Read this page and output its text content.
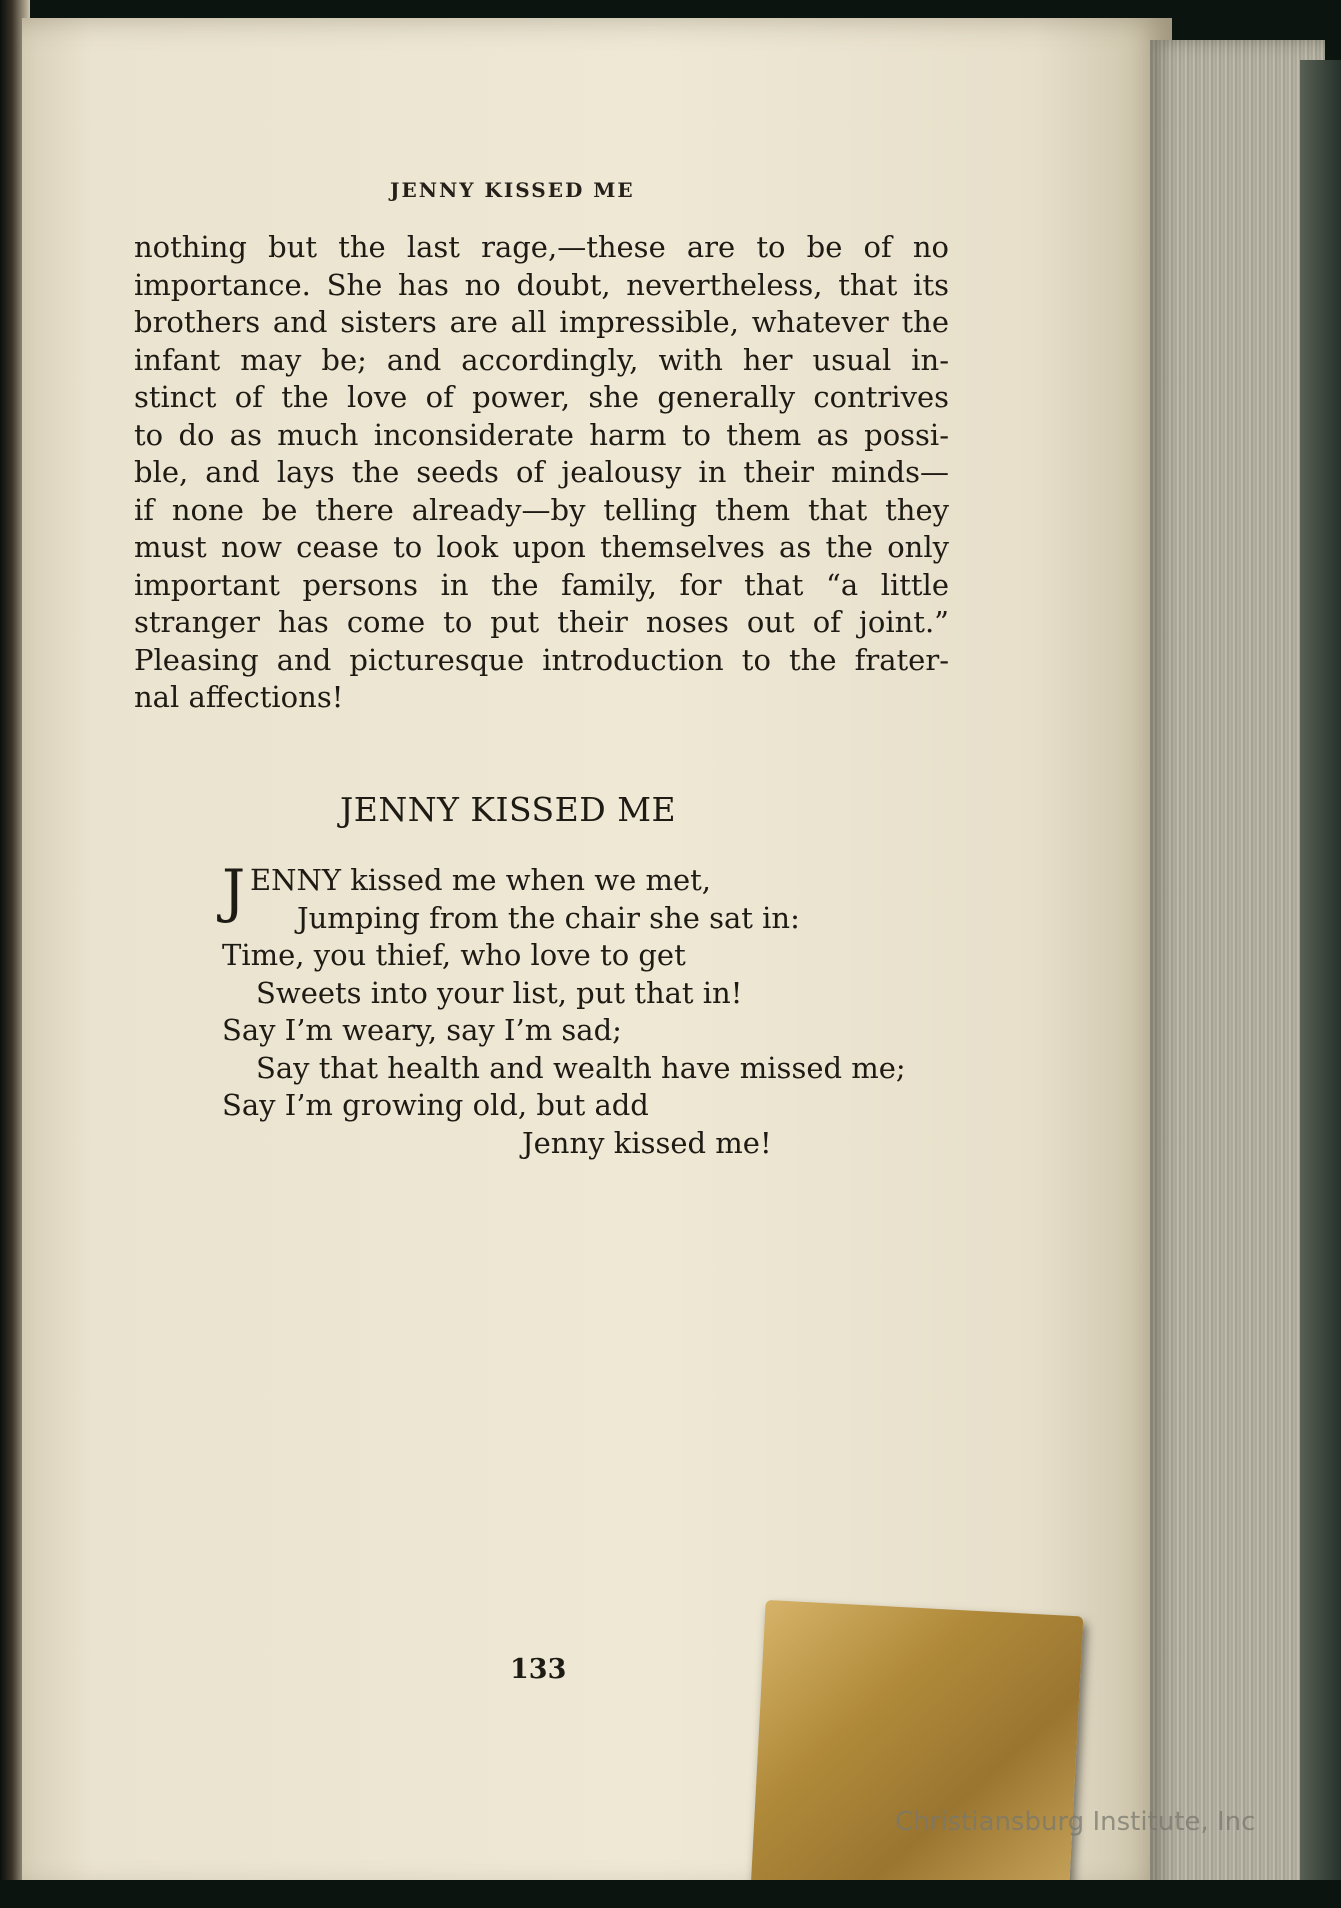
JENNY KISSED ME
nothing but the last rage,—these are to be of no
importance. She has no doubt, nevertheless, that its
brothers and sisters are all impressible, whatever the
infant may be; and accordingly, with her usual in-
stinct of the love of power, she generally contrives
to do as much inconsiderate harm to them as possi-
ble, and lays the seeds of jealousy in their minds—
if none be there already—by telling them that they
must now cease to look upon themselves as the only
important persons in the family, for that “a little
stranger has come to put their noses out of joint.”
Pleasing and picturesque introduction to the frater-
nal affections!
JENNY KISSED ME
J ENNY kissed me when we met,
Jumping from the chair she sat in:
Time, you thief, who love to get
Sweets into your list, put that in!
Say I’m weary, say I’m sad;
Say that health and wealth have missed me;
Say I’m growing old, but add
Jenny kissed me!
133
Christiansburg Institute, Inc
